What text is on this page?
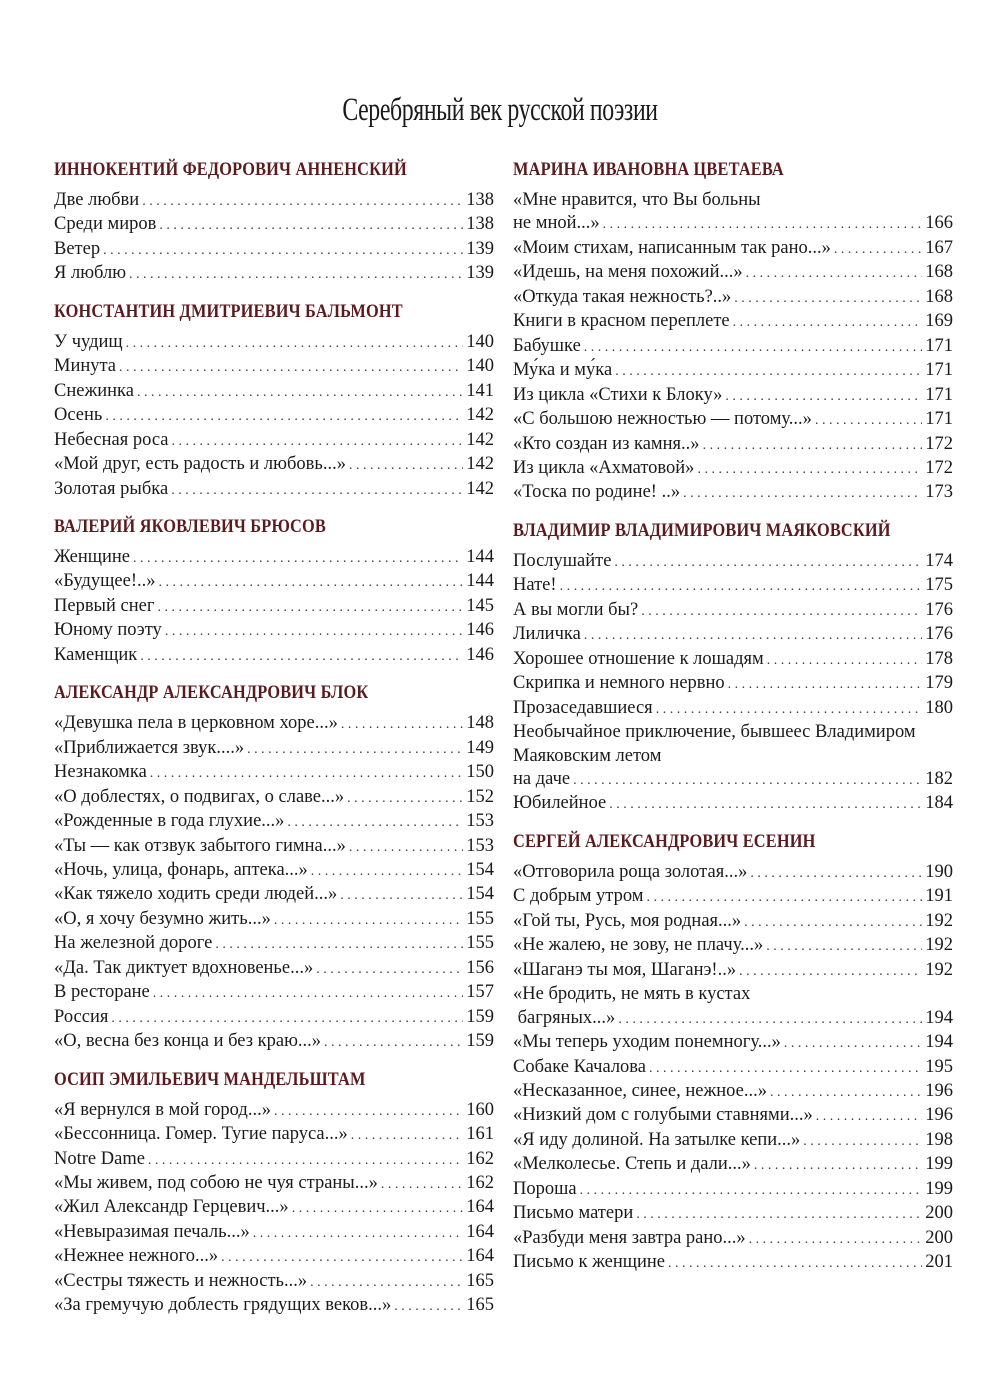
Серебряный век русской поэзии
ИННОКЕНТИЙ ФЕДОРОВИЧ АННЕНСКИЙ
Две любви . . .	138
Среди миров . . .	138
Ветер . . .	139
Я люблю . . .	139
КОНСТАНТИН ДМИТРИЕВИЧ БАЛЬМОНТ
У чудищ . . .	140
Минута . . .	140
Снежинка . . .	141
Осень . . .	142
Небесная роса . . .	142
«Мой друг, есть радость и любовь...» . . .	142
Золотая рыбка . . .	142
ВАЛЕРИЙ ЯКОВЛЕВИЧ БРЮСОВ
Женщине . . .	144
«Будущее!..» . . .	144
Первый снег . . .	145
Юному поэту . . .	146
Каменщик . . .	146
АЛЕКСАНДР АЛЕКСАНДРОВИЧ БЛОК
«Девушка пела в церковном хоре...» . . .	148
«Приближается звук....» . . .	149
Незнакомка . . .	150
«О доблестях, о подвигах, о славе...» . . .	152
«Рожденные в года глухие...» . . .	153
«Ты — как отзвук забытого гимна...» . . .	153
«Ночь, улица, фонарь, аптека...» . . .	154
«Как тяжело ходить среди людей...» . . .	154
«О, я хочу безумно жить...» . . .	155
На железной дороге . . .	155
«Да. Так диктует вдохновенье...» . . .	156
В ресторане . . .	157
Россия . . .	159
«О, весна без конца и без краю...» . . .	159
ОСИП ЭМИЛЬЕВИЧ МАНДЕЛЬШТАМ
«Я вернулся в мой город...» . . .	160
«Бессонница. Гомер. Тугие паруса...» . . .	161
Notre Dame . . .	162
«Мы живем, под собою не чуя страны...» . . .	162
«Жил Александр Герцевич...» . . .	164
«Невыразимая печаль...» . . .	164
«Нежнее нежного...» . . .	164
«Сестры тяжесть и нежность...» . . .	165
«За гремучую доблесть грядущих веков...» . . .	165
МАРИНА ИВАНОВНА ЦВЕТАЕВА
«Мне нравится, что Вы больны
не мной...» . . .	166
«Моим стихам, написанным так рано...» . . .	167
«Идешь, на меня похожий...» . . .	168
«Откуда такая нежность?..» . . .	168
Книги в красном переплете . . .	169
Бабушке . . .	171
Му́ка и му́ка . . .	171
Из цикла «Стихи к Блоку» . . .	171
«С большою нежностью — потому...» . . .	171
«Кто создан из камня..» . . .	172
Из цикла «Ахматовой» . . .	172
«Тоска по родине! ..» . . .	173
ВЛАДИМИР ВЛАДИМИРОВИЧ МАЯКОВСКИЙ
Послушайте . . .	174
Нате! . . .	175
А вы могли бы? . . .	176
Лиличка . . .	176
Хорошее отношение к лошадям . . .	178
Скрипка и немного нервно . . .	179
Прозаседавшиеся . . .	180
Необычайное приключение, бывшеес Владимиром Маяковским летом
на даче . . .	182
Юбилейное . . .	184
СЕРГЕЙ АЛЕКСАНДРОВИЧ ЕСЕНИН
«Отговорила роща золотая...» . . .	190
С добрым утром . . .	191
«Гой ты, Русь, моя родная...» . . .	192
«Не жалею, не зову, не плачу...» . . .	192
«Шаганэ ты моя, Шаганэ!..» . . .	192
«Не бродить, не мять в кустах
багряных...» . . .	194
«Мы теперь уходим понемногу...» . . .	194
Собаке Качалова . . .	195
«Несказанное, синее, нежное...» . . .	196
«Низкий дом с голубыми ставнями...» . . .	196
«Я иду долиной. На затылке кепи...» . . .	198
«Мелколесье. Степь и дали...» . . .	199
Пороша . . .	199
Письмо матери . . .	200
«Разбуди меня завтра рано...» . . .	200
Письмо к женщине . . .	201
